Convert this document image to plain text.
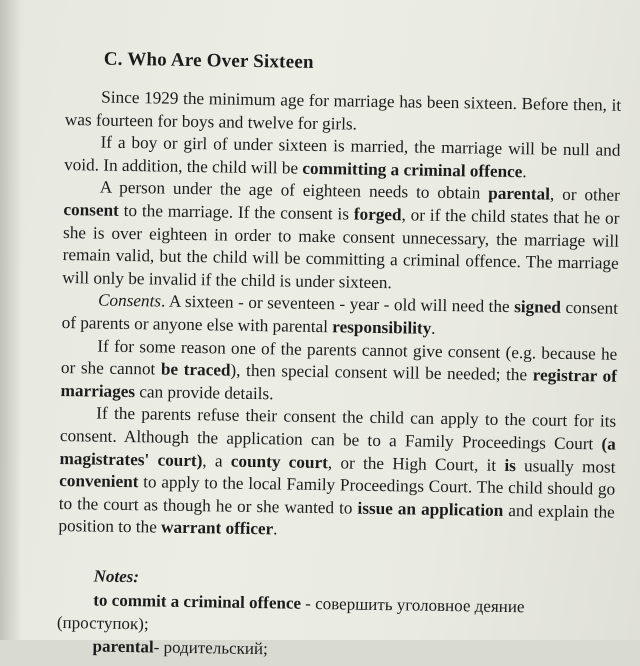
C. Who Are Over Sixteen

Since 1929 the minimum age for marriage has been sixteen. Before then, it was fourteen for boys and twelve for girls.

If a boy or girl of under sixteen is married, the marriage will be null and void. In addition, the child will be committing a criminal offence.

A person under the age of eighteen needs to obtain parental, or other consent to the marriage. If the consent is forged, or if the child states that he or she is over eighteen in order to make consent unnecessary, the marriage will remain valid, but the child will be committing a criminal offence. The marriage will only be invalid if the child is under sixteen.

Consents. A sixteen - or seventeen - year - old will need the signed consent of parents or anyone else with parental responsibility.

If for some reason one of the parents cannot give consent (e.g. because he or she cannot be traced), then special consent will be needed; the registrar of marriages can provide details.

If the parents refuse their consent the child can apply to the court for its consent. Although the application can be to a Family Proceedings Court (a magistrates' court), a county court, or the High Court, it is usually most convenient to apply to the local Family Proceedings Court. The child should go to the court as though he or she wanted to issue an application and explain the position to the warrant officer.

Notes:
to commit a criminal offence - совершить уголовное деяние (проступок);
parental- родительский;
